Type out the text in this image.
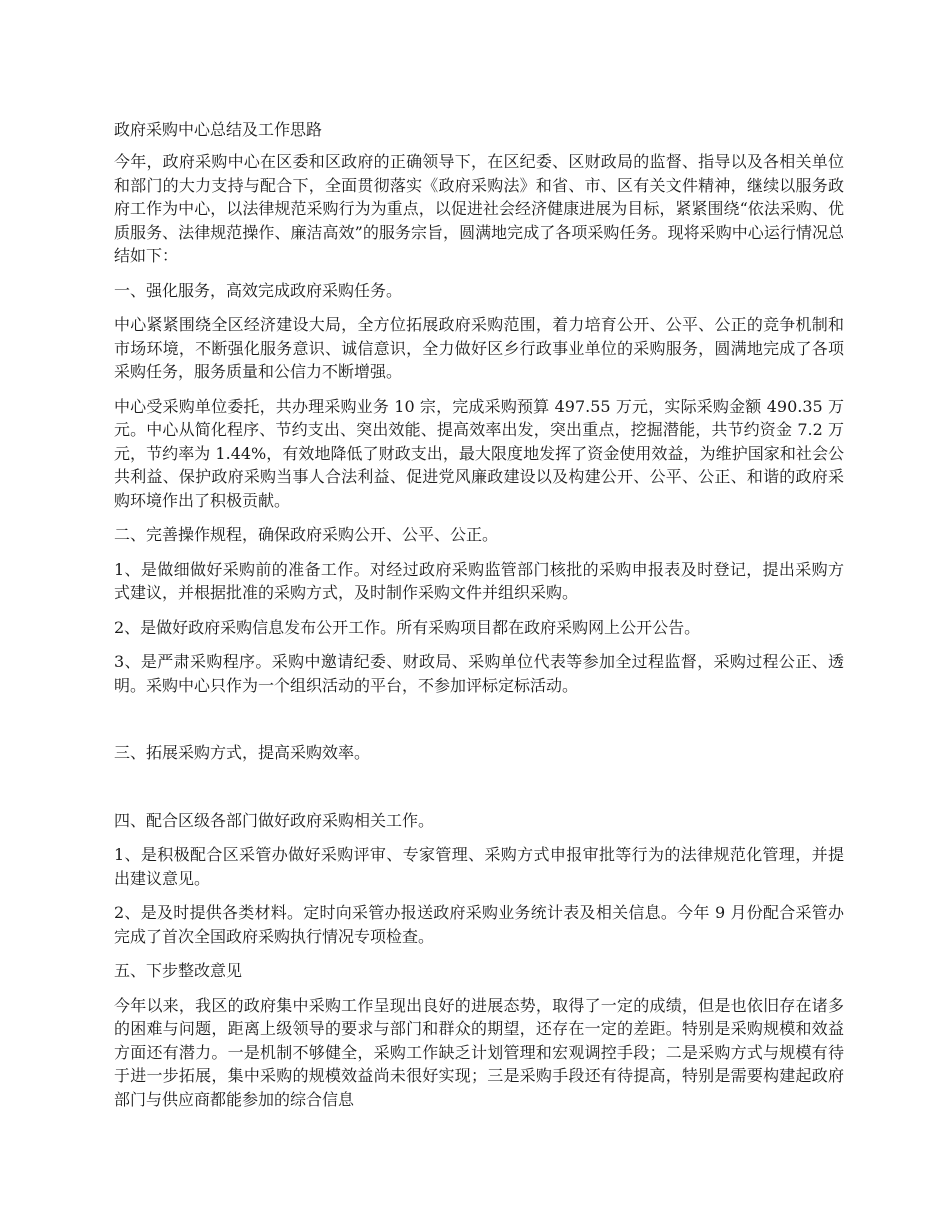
政府采购中心总结及工作思路

今年，政府采购中心在区委和区政府的正确领导下，在区纪委、区财政局的监督、指导以及各相关单位和部门的大力支持与配合下，全面贯彻落实《政府采购法》和省、市、区有关文件精神，继续以服务政府工作为中心，以法律规范采购行为为重点，以促进社会经济健康进展为目标，紧紧围绕“依法采购、优质服务、法律规范操作、廉洁高效”的服务宗旨，圆满地完成了各项采购任务。现将采购中心运行情况总结如下：

一、强化服务，高效完成政府采购任务。

中心紧紧围绕全区经济建设大局，全方位拓展政府采购范围，着力培育公开、公平、公正的竞争机制和市场环境，不断强化服务意识、诚信意识，全力做好区乡行政事业单位的采购服务，圆满地完成了各项采购任务，服务质量和公信力不断增强。

中心受采购单位委托，共办理采购业务 10 宗，完成采购预算 497.55 万元，实际采购金额 490.35 万元。中心从简化程序、节约支出、突出效能、提高效率出发，突出重点，挖掘潜能，共节约资金 7.2 万元，节约率为 1.44%，有效地降低了财政支出，最大限度地发挥了资金使用效益，为维护国家和社会公共利益、保护政府采购当事人合法利益、促进党风廉政建设以及构建公开、公平、公正、和谐的政府采购环境作出了积极贡献。

二、完善操作规程，确保政府采购公开、公平、公正。

1、是做细做好采购前的准备工作。对经过政府采购监管部门核批的采购申报表及时登记，提出采购方式建议，并根据批准的采购方式，及时制作采购文件并组织采购。

2、是做好政府采购信息发布公开工作。所有采购项目都在政府采购网上公开公告。

3、是严肃采购程序。采购中邀请纪委、财政局、采购单位代表等参加全过程监督，采购过程公正、透明。采购中心只作为一个组织活动的平台，不参加评标定标活动。

三、拓展采购方式，提高采购效率。
四、配合区级各部门做好政府采购相关工作。

1、是积极配合区采管办做好采购评审、专家管理、采购方式申报审批等行为的法律规范化管理，并提出建议意见。

2、是及时提供各类材料。定时向采管办报送政府采购业务统计表及相关信息。今年 9 月份配合采管办完成了首次全国政府采购执行情况专项检查。

五、下步整改意见

今年以来，我区的政府集中采购工作呈现出良好的进展态势，取得了一定的成绩，但是也依旧存在诸多的困难与问题，距离上级领导的要求与部门和群众的期望，还存在一定的差距。特别是采购规模和效益方面还有潜力。一是机制不够健全，采购工作缺乏计划管理和宏观调控手段；二是采购方式与规模有待于进一步拓展，集中采购的规模效益尚未很好实现；三是采购手段还有待提高，特别是需要构建起政府部门与供应商都能参加的综合信息
